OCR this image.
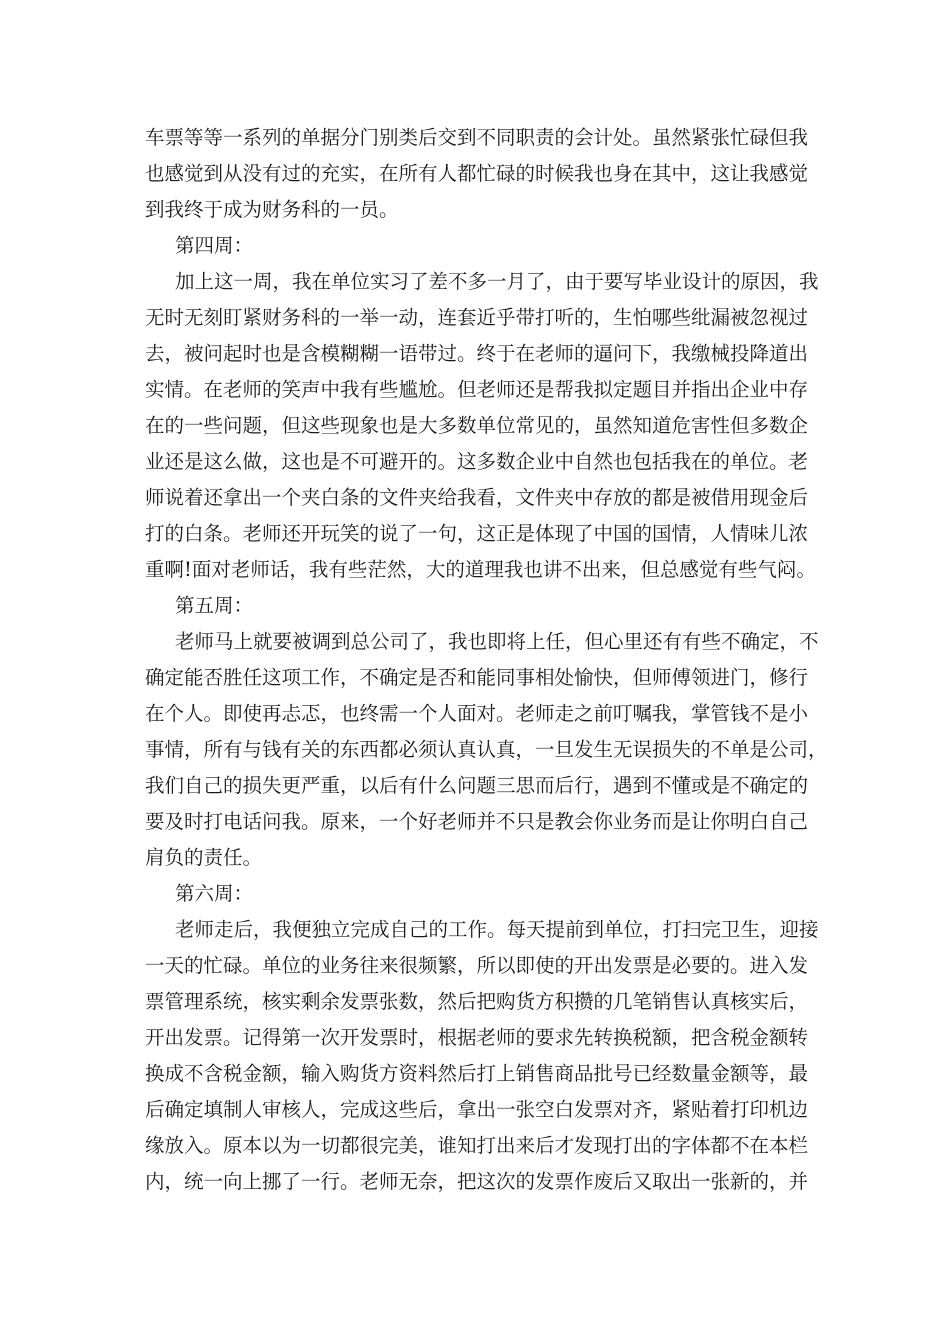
车票等等一系列的单据分门别类后交到不同职责的会计处。虽然紧张忙碌但我
也感觉到从没有过的充实，在所有人都忙碌的时候我也身在其中，这让我感觉
到我终于成为财务科的一员。
第四周：
加上这一周，我在单位实习了差不多一月了，由于要写毕业设计的原因，我
无时无刻盯紧财务科的一举一动，连套近乎带打听的，生怕哪些纰漏被忽视过
去，被问起时也是含模糊糊一语带过。终于在老师的逼问下，我缴械投降道出
实情。在老师的笑声中我有些尴尬。但老师还是帮我拟定题目并指出企业中存
在的一些问题，但这些现象也是大多数单位常见的，虽然知道危害性但多数企
业还是这么做，这也是不可避开的。这多数企业中自然也包括我在的单位。老
师说着还拿出一个夹白条的文件夹给我看，文件夹中存放的都是被借用现金后
打的白条。老师还开玩笑的说了一句，这正是体现了中国的国情，人情味儿浓
重啊!面对老师话，我有些茫然，大的道理我也讲不出来，但总感觉有些气闷。
第五周：
老师马上就要被调到总公司了，我也即将上任，但心里还有有些不确定，不
确定能否胜任这项工作，不确定是否和能同事相处愉快，但师傅领进门，修行
在个人。即使再忐忑，也终需一个人面对。老师走之前叮嘱我，掌管钱不是小
事情，所有与钱有关的东西都必须认真认真，一旦发生无误损失的不单是公司，
我们自己的损失更严重，以后有什么问题三思而后行，遇到不懂或是不确定的
要及时打电话问我。原来，一个好老师并不只是教会你业务而是让你明白自己
肩负的责任。
第六周：
老师走后，我便独立完成自己的工作。每天提前到单位，打扫完卫生，迎接
一天的忙碌。单位的业务往来很频繁，所以即使的开出发票是必要的。进入发
票管理系统，核实剩余发票张数，然后把购货方积攒的几笔销售认真核实后，
开出发票。记得第一次开发票时，根据老师的要求先转换税额，把含税金额转
换成不含税金额，输入购货方资料然后打上销售商品批号已经数量金额等，最
后确定填制人审核人，完成这些后，拿出一张空白发票对齐，紧贴着打印机边
缘放入。原本以为一切都很完美，谁知打出来后才发现打出的字体都不在本栏
内，统一向上挪了一行。老师无奈，把这次的发票作废后又取出一张新的，并
